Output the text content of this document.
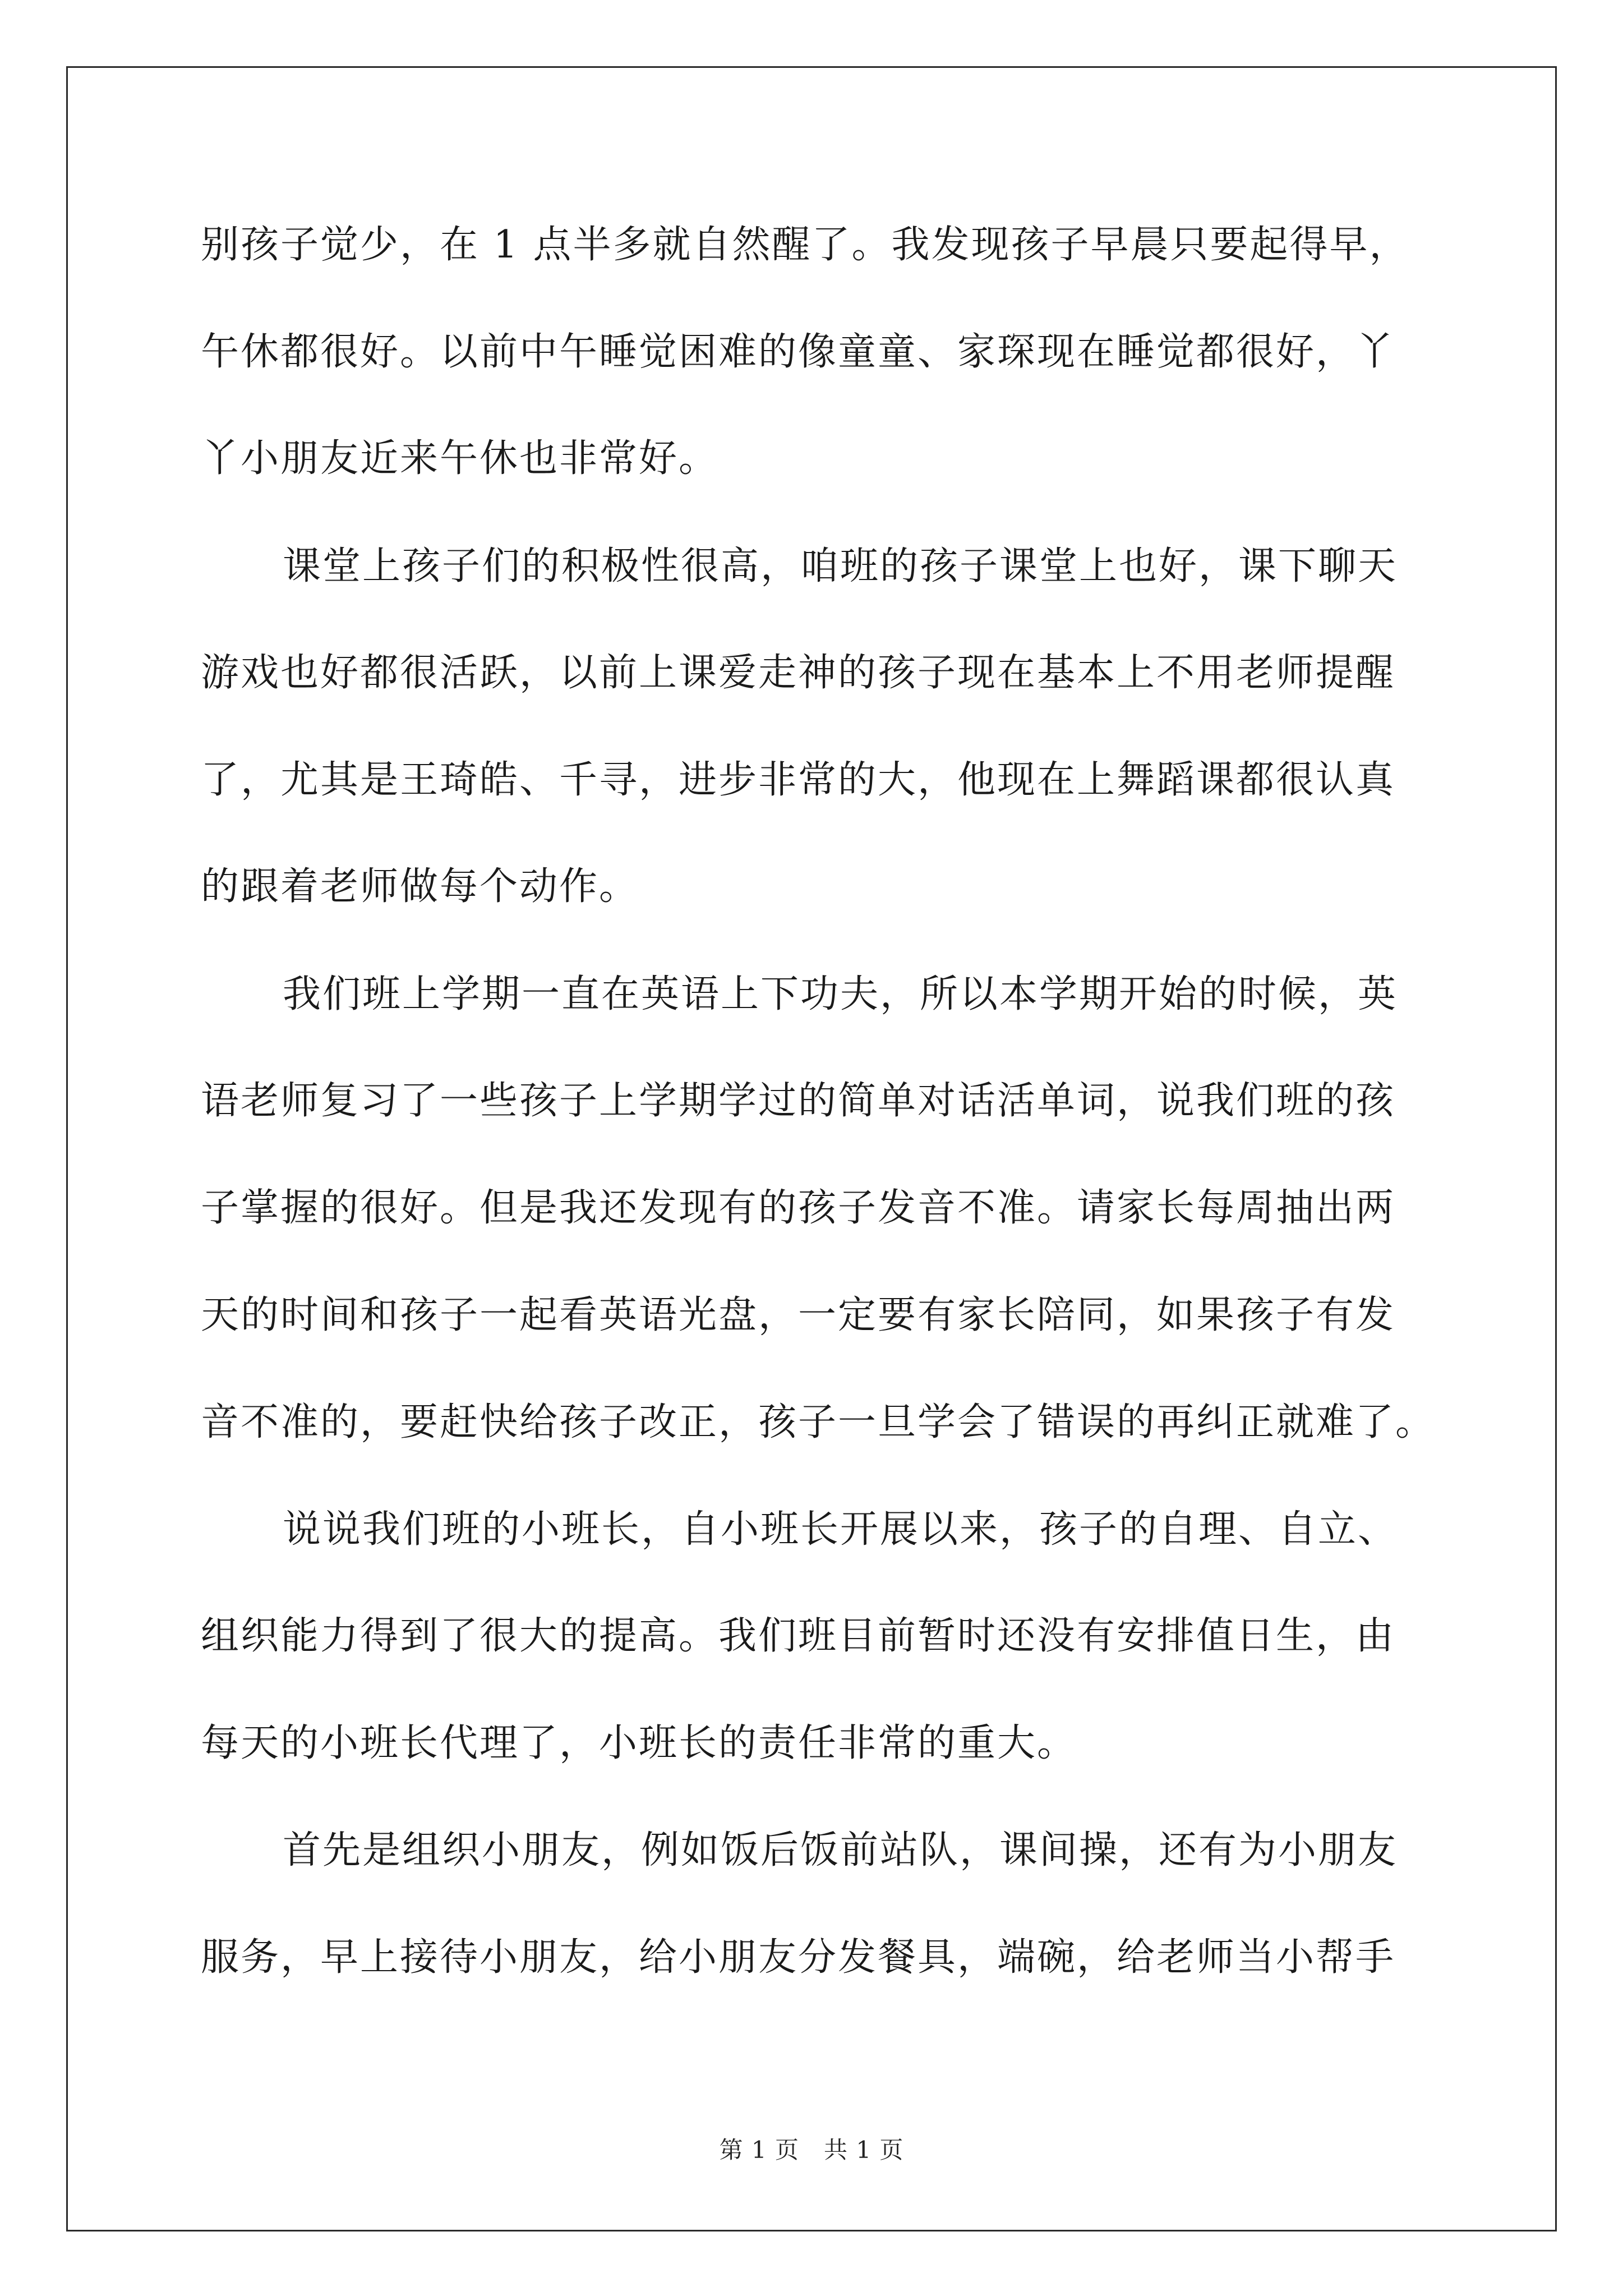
别孩子觉少，在 1 点半多就自然醒了。我发现孩子早晨只要起得早，
午休都很好。以前中午睡觉困难的像童童、家琛现在睡觉都很好，丫
丫小朋友近来午休也非常好。
课堂上孩子们的积极性很高，咱班的孩子课堂上也好，课下聊天
游戏也好都很活跃，以前上课爱走神的孩子现在基本上不用老师提醒
了，尤其是王琦皓、千寻，进步非常的大，他现在上舞蹈课都很认真
的跟着老师做每个动作。
我们班上学期一直在英语上下功夫，所以本学期开始的时候，英
语老师复习了一些孩子上学期学过的简单对话活单词，说我们班的孩
子掌握的很好。但是我还发现有的孩子发音不准。请家长每周抽出两
天的时间和孩子一起看英语光盘，一定要有家长陪同，如果孩子有发
音不准的，要赶快给孩子改正，孩子一旦学会了错误的再纠正就难了。
说说我们班的小班长，自小班长开展以来，孩子的自理、自立、
组织能力得到了很大的提高。我们班目前暂时还没有安排值日生，由
每天的小班长代理了，小班长的责任非常的重大。
首先是组织小朋友，例如饭后饭前站队，课间操，还有为小朋友
服务，早上接待小朋友，给小朋友分发餐具，端碗，给老师当小帮手
第 1 页 共 1 页
